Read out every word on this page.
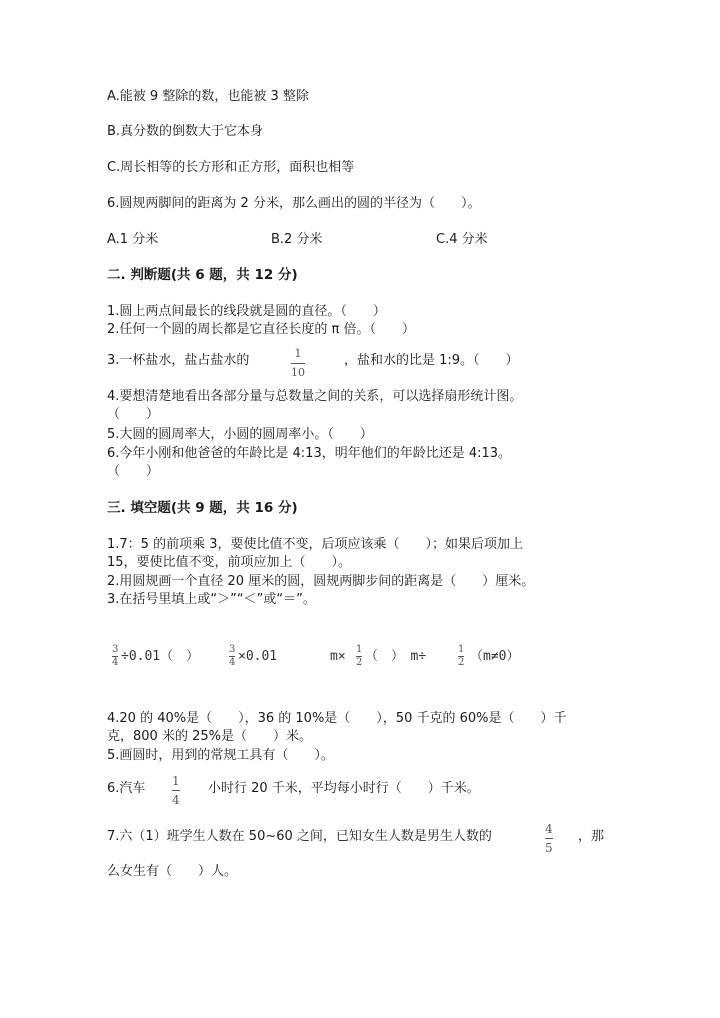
A.能被 9 整除的数，也能被 3 整除
B.真分数的倒数大于它本身
C.周长相等的长方形和正方形，面积也相等
6.圆规两脚间的距离为 2 分米，那么画出的圆的半径为（　　）。
A.1 分米	B.2 分米	C.4 分米
二. 判断题(共 6 题，共 12 分)
1.圆上两点间最长的线段就是圆的直径。（　　）
2.任何一个圆的周长都是它直径长度的 π 倍。（　　）
3.一杯盐水，盐占盐水的	1
10
，盐和水的比是 1:9。（　　）
4.要想清楚地看出各部分量与总数量之间的关系，可以选择扇形统计图。
（　　）
5.大圆的圆周率大，小圆的圆周率小。（　　）
6.今年小刚和他爸爸的年龄比是 4:13，明年他们的年龄比还是 4:13。
（　　）
三. 填空题(共 9 题，共 16 分)
1.7：5 的前项乘 3，要使比值不变，后项应该乘（　　）；如果后项加上
15，要使比值不变，前项应加上（　　）。
2.用圆规画一个直径 20 厘米的圆，圆规两脚步间的距离是（　　）厘米。
3.在括号里填上或“＞”“＜”或“＝”。
3
4 ÷0.01（　）	3
4 ×0.01	m× 1
2 （　）　m÷	1
2 （m≠0）
4.20 的 40%是（　　），36 的 10%是（　　），50 千克的 60%是（　　）千
克，800 米的 25%是（　　）米。
5.画圆时，用到的常规工具有（　　）。
6.汽车 1
4
小时行 20 千米，平均每小时行（　　）千米。
7.六（1）班学生人数在 50~60 之间，已知女生人数是男生人数的	4
5
，那
么女生有（　　）人。
